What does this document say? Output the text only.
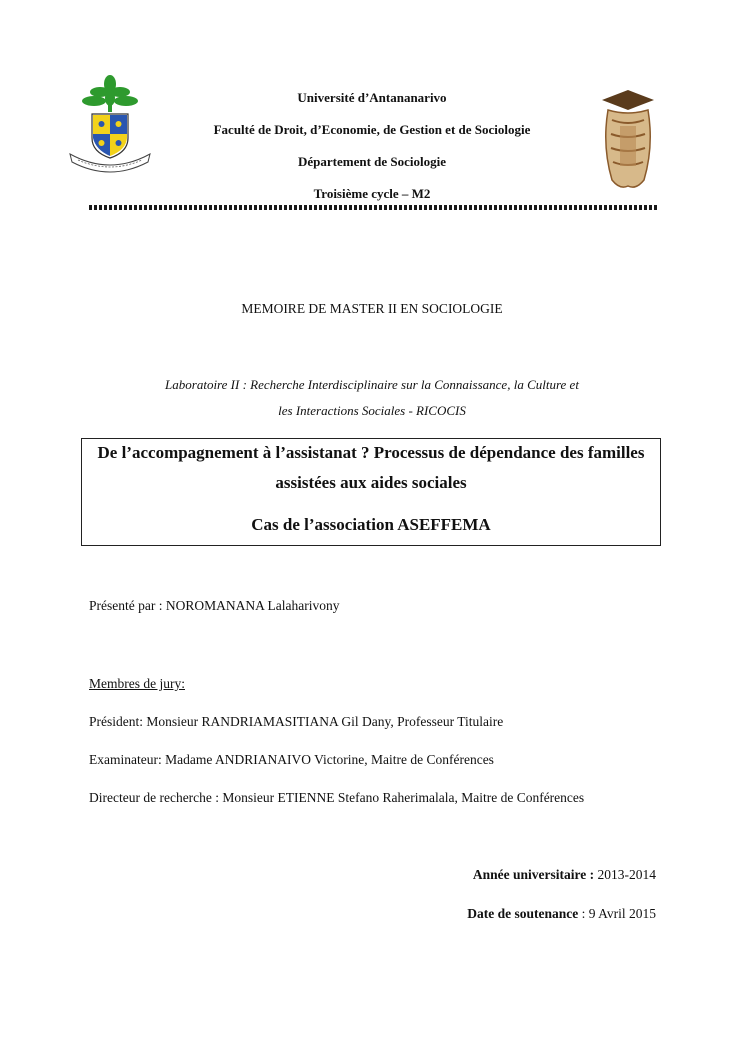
Université d’Antananarivo
Faculté de Droit, d’Economie, de Gestion et de Sociologie
Département de Sociologie
Troisième cycle – M2
MEMOIRE DE MASTER II EN SOCIOLOGIE
Laboratoire II : Recherche Interdisciplinaire sur la Connaissance, la Culture et
les Interactions Sociales - RICOCIS
De l’accompagnement à l’assistanat ? Processus de dépendance des familles
assistées aux aides sociales
Cas de l’association ASEFFEMA
Présenté par : NOROMANANA Lalaharivony
Membres de jury:
Président: Monsieur RANDRIAMASITIANA Gil Dany, Professeur Titulaire
Examinateur: Madame ANDRIANAIVO Victorine, Maitre de Conférences
Directeur de recherche : Monsieur ETIENNE Stefano Raherimalala, Maitre de Conférences
Année universitaire : 2013-2014
Date de soutenance : 9 Avril 2015
